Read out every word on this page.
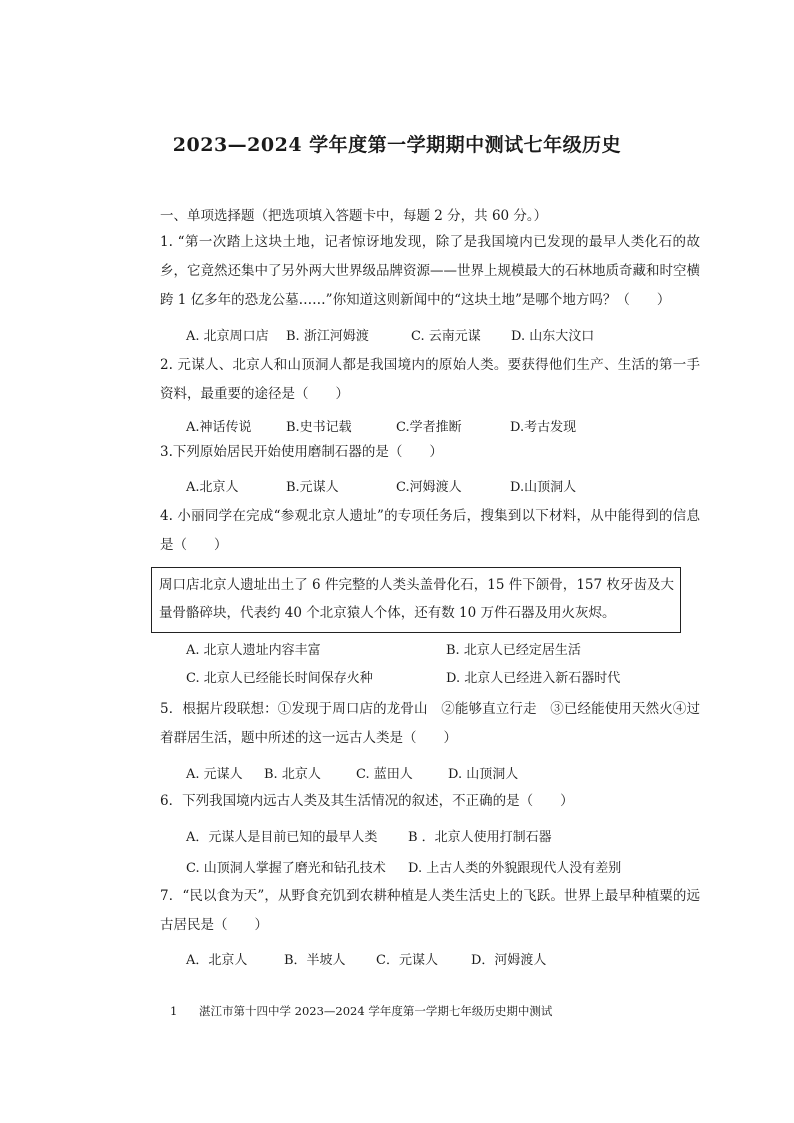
2023—2024 学年度第一学期期中测试七年级历史
一、单项选择题（把选项填入答题卡中，每题 2 分，共 60 分。）
1. “第一次踏上这块土地，记者惊讶地发现，除了是我国境内已发现的最早人类化石的故乡，它竟然还集中了另外两大世界级品牌资源——世界上规模最大的石林地质奇藏和时空横跨 1 亿多年的恐龙公墓……”你知道这则新闻中的“这块土地”是哪个地方吗？（　　）
A. 北京周口店	B. 浙江河姆渡	C. 云南元谋	D. 山东大汶口
2. 元谋人、北京人和山顶洞人都是我国境内的原始人类。要获得他们生产、生活的第一手资料，最重要的途径是（　　）
A.神话传说	B.史书记载	C.学者推断	D.考古发现
3.下列原始居民开始使用磨制石器的是（　　）
A.北京人	B.元谋人	C.河姆渡人	D.山顶洞人
4. 小丽同学在完成“参观北京人遗址”的专项任务后，搜集到以下材料，从中能得到的信息是（　　）
周口店北京人遗址出土了 6 件完整的人类头盖骨化石，15 件下颌骨，157 枚牙齿及大量骨骼碎块，代表约 40 个北京猿人个体，还有数 10 万件石器及用火灰烬。
A. 北京人遗址内容丰富	B. 北京人已经定居生活
C. 北京人已经能长时间保存火种	D. 北京人已经进入新石器时代
5．根据片段联想：①发现于周口店的龙骨山　②能够直立行走　③已经能使用天然火④过着群居生活，题中所述的这一远古人类是（　　）
A. 元谋人	B. 北京人	C. 蓝田人	D. 山顶洞人
6．下列我国境内远古人类及其生活情况的叙述，不正确的是（　　）
A．元谋人是目前已知的最早人类	B ．北京人使用打制石器
C. 山顶洞人掌握了磨光和钻孔技术	D. 上古人类的外貌跟现代人没有差别
7．“民以食为天”，从野食充饥到农耕种植是人类生活史上的飞跃。世界上最早种植粟的远古居民是（　　）
A．北京人	B．半坡人	C．元谋人	D．河姆渡人
1 湛江市第十四中学 2023—2024 学年度第一学期七年级历史期中测试
